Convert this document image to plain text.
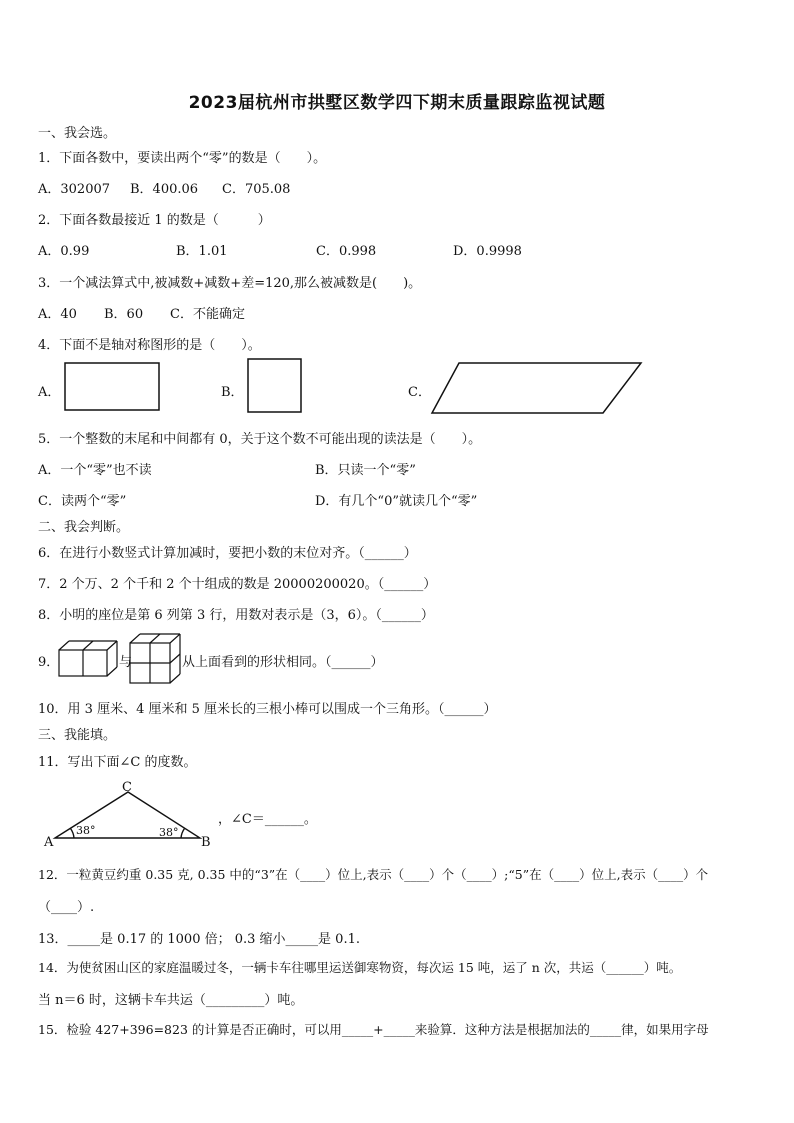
2023届杭州市拱墅区数学四下期末质量跟踪监视试题
一、我会选。
1．下面各数中，要读出两个“零”的数是（　　）。
A．302007 B．400.06 C．705.08
2．下面各数最接近 1 的数是（　　　）
A．0.99	B．1.01	C．0.998	D．0.9998
3．一个减法算式中,被减数+减数+差=120,那么被减数是(　　)。
A．40 B．60 C．不能确定
4．下面不是轴对称图形的是（　　）。
A．	B．	C．
5．一个整数的末尾和中间都有 0，关于这个数不可能出现的读法是（　　）。
A．一个“零”也不读	B．只读一个“零”
C．读两个“零”	D．有几个“0”就读几个“零”
二、我会判断。
6．在进行小数竖式计算加减时，要把小数的末位对齐。（______）
7．2 个万、2 个千和 2 个十组成的数是 20000200020。（______）
8．小明的座位是第 6 列第 3 行，用数对表示是（3，6）。（______）
9．	与	从上面看到的形状相同。（______）
10．用 3 厘米、4 厘米和 5 厘米长的三根小棒可以围成一个三角形。（______）
三、我能填。
11．写出下面∠C 的度数。
C
A	B
38°	38°
，∠C＝______。
12．一粒黄豆约重 0.35 克, 0.35 中的“3”在（____）位上,表示（____）个（____）;“5”在（____）位上,表示（____）个
（____）.
13．_____是 0.17 的 1000 倍； 0.3 缩小_____是 0.1.
14．为使贫困山区的家庭温暖过冬，一辆卡车往哪里运送御寒物资，每次运 15 吨，运了 n 次，共运（______）吨。
当 n＝6 时，这辆卡车共运（_________）吨。
15．检验 427+396=823 的计算是否正确时，可以用_____+_____来验算．这种方法是根据加法的_____律，如果用字母
